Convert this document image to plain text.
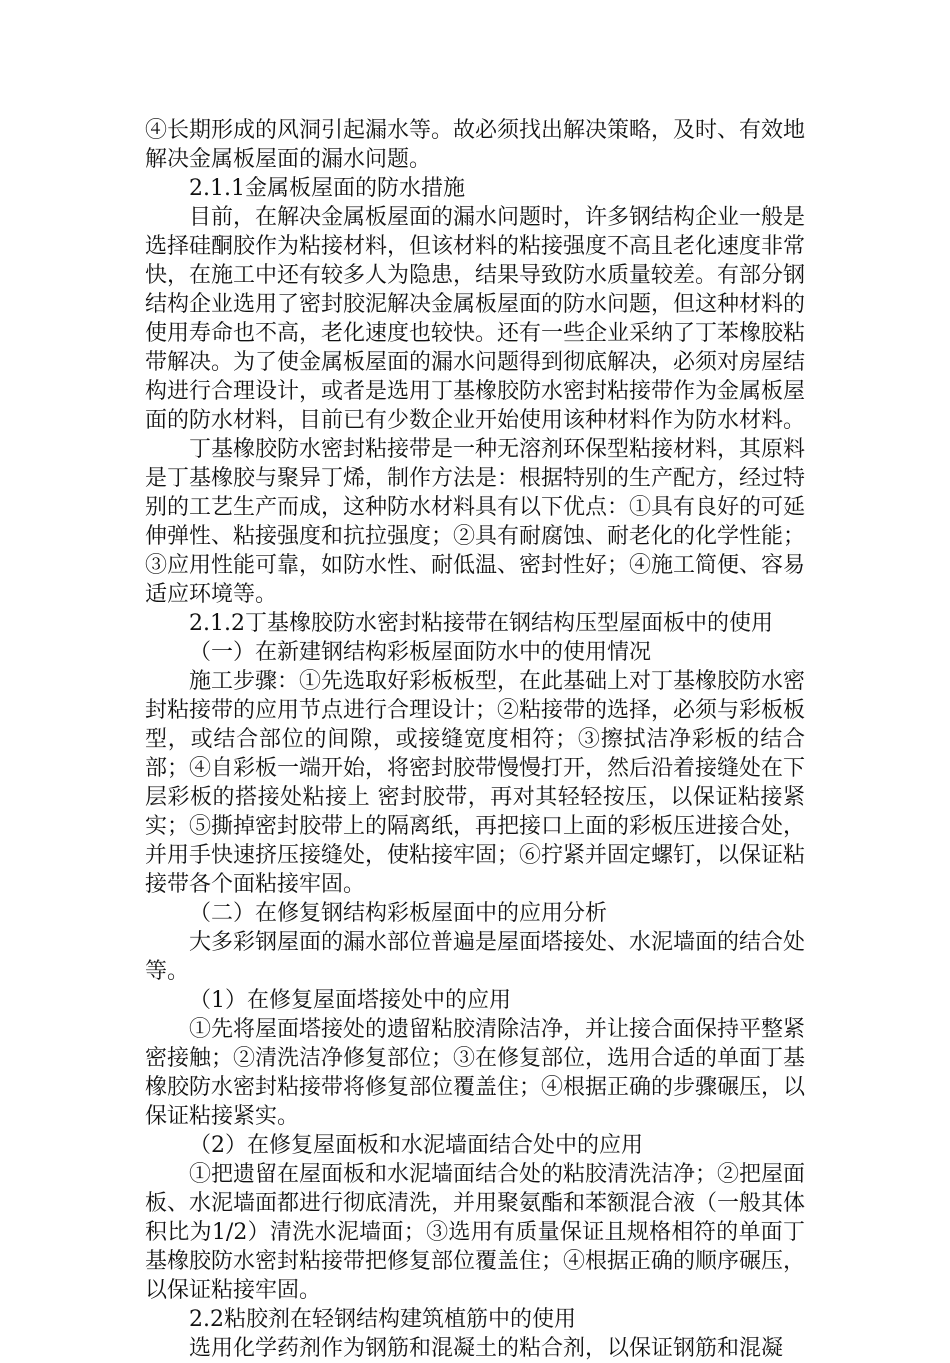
④长期形成的风洞引起漏水等。故必须找出解决策略，及时、有效地解决金属板屋面的漏水问题。

2.1.1金属板屋面的防水措施

目前，在解决金属板屋面的漏水问题时，许多钢结构企业一般是选择硅酮胶作为粘接材料，但该材料的粘接强度不高且老化速度非常快，在施工中还有较多人为隐患，结果导致防水质量较差。有部分钢结构企业选用了密封胶泥解决金属板屋面的防水问题，但这种材料的使用寿命也不高，老化速度也较快。还有一些企业采纳了丁苯橡胶粘带解决。为了使金属板屋面的漏水问题得到彻底解决，必须对房屋结构进行合理设计，或者是选用丁基橡胶防水密封粘接带作为金属板屋面的防水材料，目前已有少数企业开始使用该种材料作为防水材料。

丁基橡胶防水密封粘接带是一种无溶剂环保型粘接材料，其原料是丁基橡胶与聚异丁烯，制作方法是：根据特别的生产配方，经过特别的工艺生产而成，这种防水材料具有以下优点：①具有良好的可延伸弹性、粘接强度和抗拉强度；②具有耐腐蚀、耐老化的化学性能；③应用性能可靠，如防水性、耐低温、密封性好；④施工简便、容易适应环境等。

2.1.2丁基橡胶防水密封粘接带在钢结构压型屋面板中的使用

（一）在新建钢结构彩板屋面防水中的使用情况

施工步骤：①先选取好彩板板型，在此基础上对丁基橡胶防水密封粘接带的应用节点进行合理设计；②粘接带的选择，必须与彩板板型，或结合部位的间隙，或接缝宽度相符；③擦拭洁净彩板的结合部；④自彩板一端开始，将密封胶带慢慢打开，然后沿着接缝处在下层彩板的搭接处粘接上 密封胶带，再对其轻轻按压，以保证粘接紧实；⑤撕掉密封胶带上的隔离纸，再把接口上面的彩板压进接合处，并用手快速挤压接缝处，使粘接牢固；⑥拧紧并固定螺钉，以保证粘接带各个面粘接牢固。

（二）在修复钢结构彩板屋面中的应用分析

大多彩钢屋面的漏水部位普遍是屋面塔接处、水泥墙面的结合处等。

（1）在修复屋面塔接处中的应用

①先将屋面塔接处的遗留粘胶清除洁净，并让接合面保持平整紧密接触；②清洗洁净修复部位；③在修复部位，选用合适的单面丁基橡胶防水密封粘接带将修复部位覆盖住；④根据正确的步骤碾压，以保证粘接紧实。

（2）在修复屋面板和水泥墙面结合处中的应用

①把遗留在屋面板和水泥墙面结合处的粘胶清洗洁净；②把屋面板、水泥墙面都进行彻底清洗，并用聚氨酯和苯额混合液（一般其体积比为1/2）清洗水泥墙面；③选用有质量保证且规格相符的单面丁基橡胶防水密封粘接带把修复部位覆盖住；④根据正确的顺序碾压，以保证粘接牢固。

2.2粘胶剂在轻钢结构建筑植筋中的使用

选用化学药剂作为钢筋和混凝土的粘合剂，以保证钢筋和混凝
